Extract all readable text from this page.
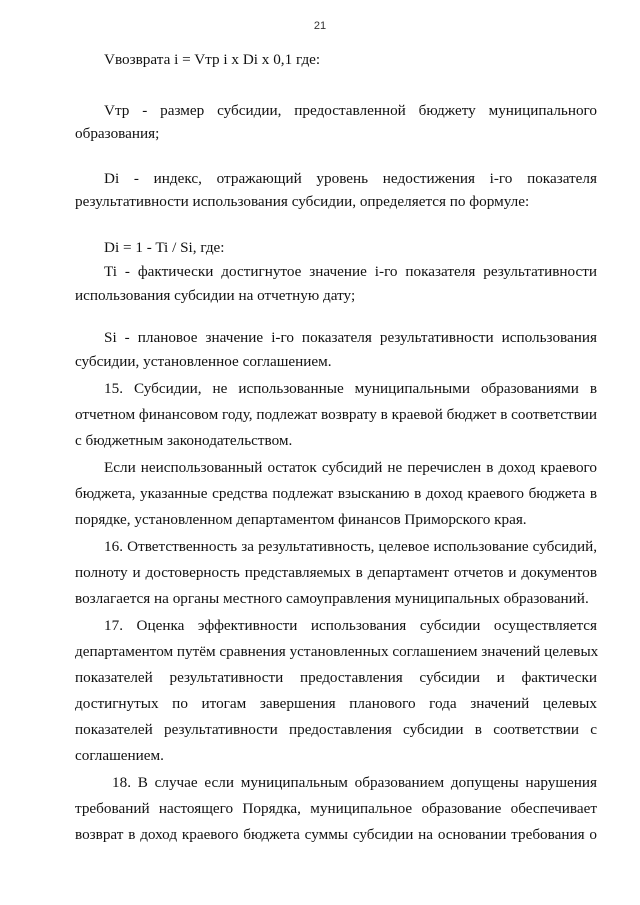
21
Vвозврата i = Vтр i x Di x 0,1 где:
Vтр - размер субсидии, предоставленной бюджету муниципального
образования;
Di - индекс, отражающий уровень недостижения i-го показателя
результативности использования субсидии, определяется по формуле:
Di = 1 - Ti / Si, где:
Ti - фактически достигнутое значение i-го показателя результативности
использования субсидии на отчетную дату;
Si - плановое значение i-го показателя результативности использования
субсидии, установленное соглашением.
15. Субсидии, не использованные муниципальными образованиями в
отчетном финансовом году, подлежат возврату в краевой бюджет в соответствии
с бюджетным законодательством.
Если неиспользованный остаток субсидий не перечислен в доход краевого
бюджета, указанные средства подлежат взысканию в доход краевого бюджета в
порядке, установленном департаментом финансов Приморского края.
16. Ответственность за результативность, целевое использование субсидий,
полноту и достоверность представляемых в департамент отчетов и документов
возлагается на органы местного самоуправления муниципальных образований.
17. Оценка эффективности использования субсидии осуществляется
департаментом путём сравнения установленных соглашением значений целевых
показателей результативности предоставления субсидии и фактически
достигнутых по итогам завершения планового года значений целевых
показателей результативности предоставления субсидии в соответствии с
соглашением.
18. В случае если муниципальным образованием допущены нарушения
требований настоящего Порядка, муниципальное образование обеспечивает
возврат в доход краевого бюджета суммы субсидии на основании требования о
